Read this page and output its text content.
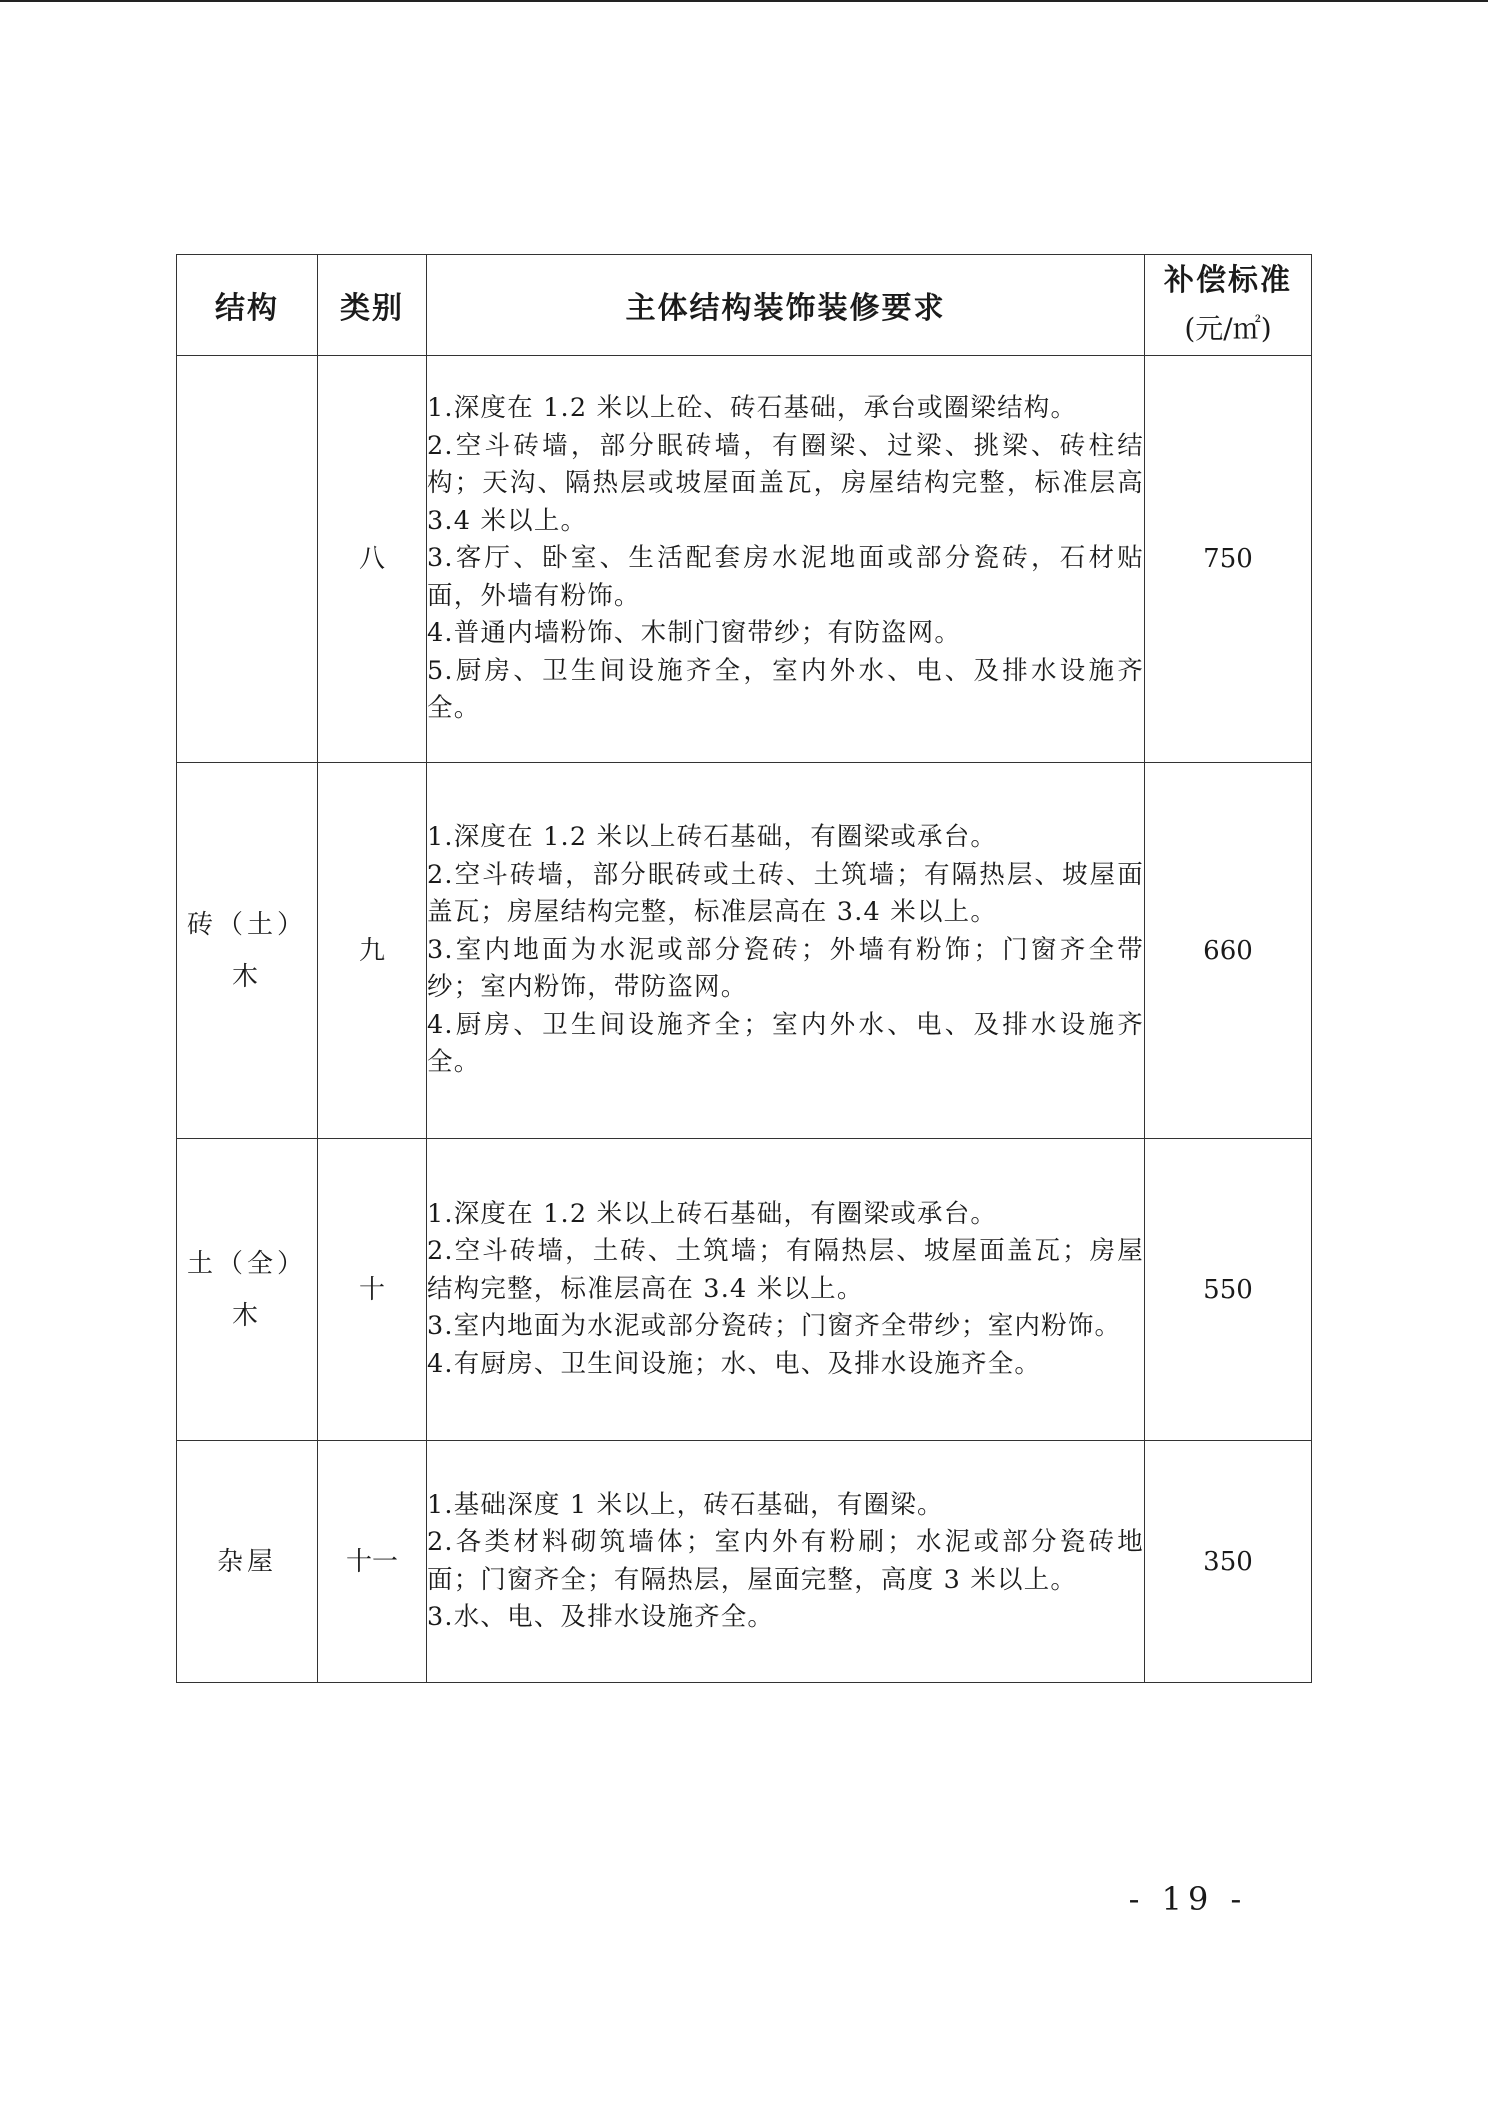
结构	类别	主体结构装饰装修要求	补偿标准
(元/㎡)

	八	1.深度在 1.2 米以上砼、砖石基础，承台或圈梁结构。
2.空斗砖墙，部分眠砖墙，有圈梁、过梁、挑梁、砖柱结构；天沟、隔热层或坡屋面盖瓦，房屋结构完整，标准层高 3.4 米以上。
3.客厅、卧室、生活配套房水泥地面或部分瓷砖，石材贴面，外墙有粉饰。
4.普通内墙粉饰、木制门窗带纱；有防盗网。
5.厨房、卫生间设施齐全，室内外水、电、及排水设施齐全。	750
砖（土）木	九	1.深度在 1.2 米以上砖石基础，有圈梁或承台。
2.空斗砖墙，部分眠砖或土砖、土筑墙；有隔热层、坡屋面盖瓦；房屋结构完整，标准层高在 3.4 米以上。
3.室内地面为水泥或部分瓷砖；外墙有粉饰；门窗齐全带纱；室内粉饰，带防盗网。
4.厨房、卫生间设施齐全；室内外水、电、及排水设施齐全。	660
土（全）木	十	1.深度在 1.2 米以上砖石基础，有圈梁或承台。
2.空斗砖墙，土砖、土筑墙；有隔热层、坡屋面盖瓦；房屋结构完整，标准层高在 3.4 米以上。
3.室内地面为水泥或部分瓷砖；门窗齐全带纱；室内粉饰。
4.有厨房、卫生间设施；水、电、及排水设施齐全。	550
杂屋	十一	1.基础深度 1 米以上，砖石基础，有圈梁。
2.各类材料砌筑墙体；室内外有粉刷；水泥或部分瓷砖地面；门窗齐全；有隔热层，屋面完整，高度 3 米以上。
3.水、电、及排水设施齐全。	350
- 19 -
